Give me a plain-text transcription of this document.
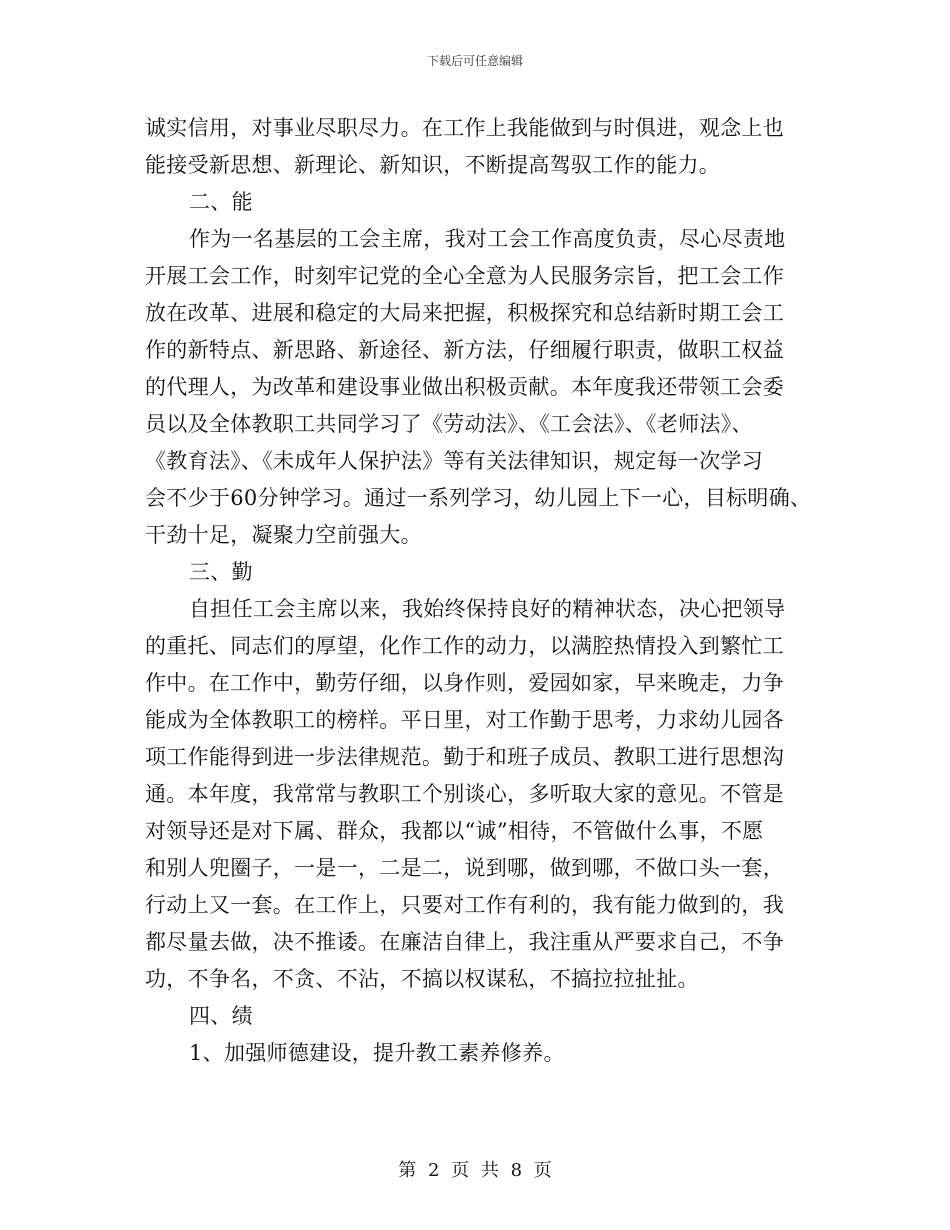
下载后可任意编辑
诚实信用，对事业尽职尽力。在工作上我能做到与时俱进，观念上也
能接受新思想、新理论、新知识，不断提高驾驭工作的能力。
二、能
作为一名基层的工会主席，我对工会工作高度负责，尽心尽责地
开展工会工作，时刻牢记党的全心全意为人民服务宗旨，把工会工作
放在改革、进展和稳定的大局来把握，积极探究和总结新时期工会工
作的新特点、新思路、新途径、新方法，仔细履行职责，做职工权益
的代理人，为改革和建设事业做出积极贡献。本年度我还带领工会委
员以及全体教职工共同学习了《劳动法》、《工会法》、《老师法》、
《教育法》、《未成年人保护法》等有关法律知识，规定每一次学习
会不少于60分钟学习。通过一系列学习，幼儿园上下一心，目标明确、
干劲十足，凝聚力空前强大。
三、勤
自担任工会主席以来，我始终保持良好的精神状态，决心把领导
的重托、同志们的厚望，化作工作的动力，以满腔热情投入到繁忙工
作中。在工作中，勤劳仔细，以身作则，爱园如家，早来晚走，力争
能成为全体教职工的榜样。平日里，对工作勤于思考，力求幼儿园各
项工作能得到进一步法律规范。勤于和班子成员、教职工进行思想沟
通。本年度，我常常与教职工个别谈心，多听取大家的意见。不管是
对领导还是对下属、群众，我都以“诚”相待，不管做什么事，不愿
和别人兜圈子，一是一，二是二，说到哪，做到哪，不做口头一套，
行动上又一套。在工作上，只要对工作有利的，我有能力做到的，我
都尽量去做，决不推诿。在廉洁自律上，我注重从严要求自己，不争
功，不争名，不贪、不沾，不搞以权谋私，不搞拉拉扯扯。
四、绩
1、加强师德建设，提升教工素养修养。
第 2 页 共 8 页
